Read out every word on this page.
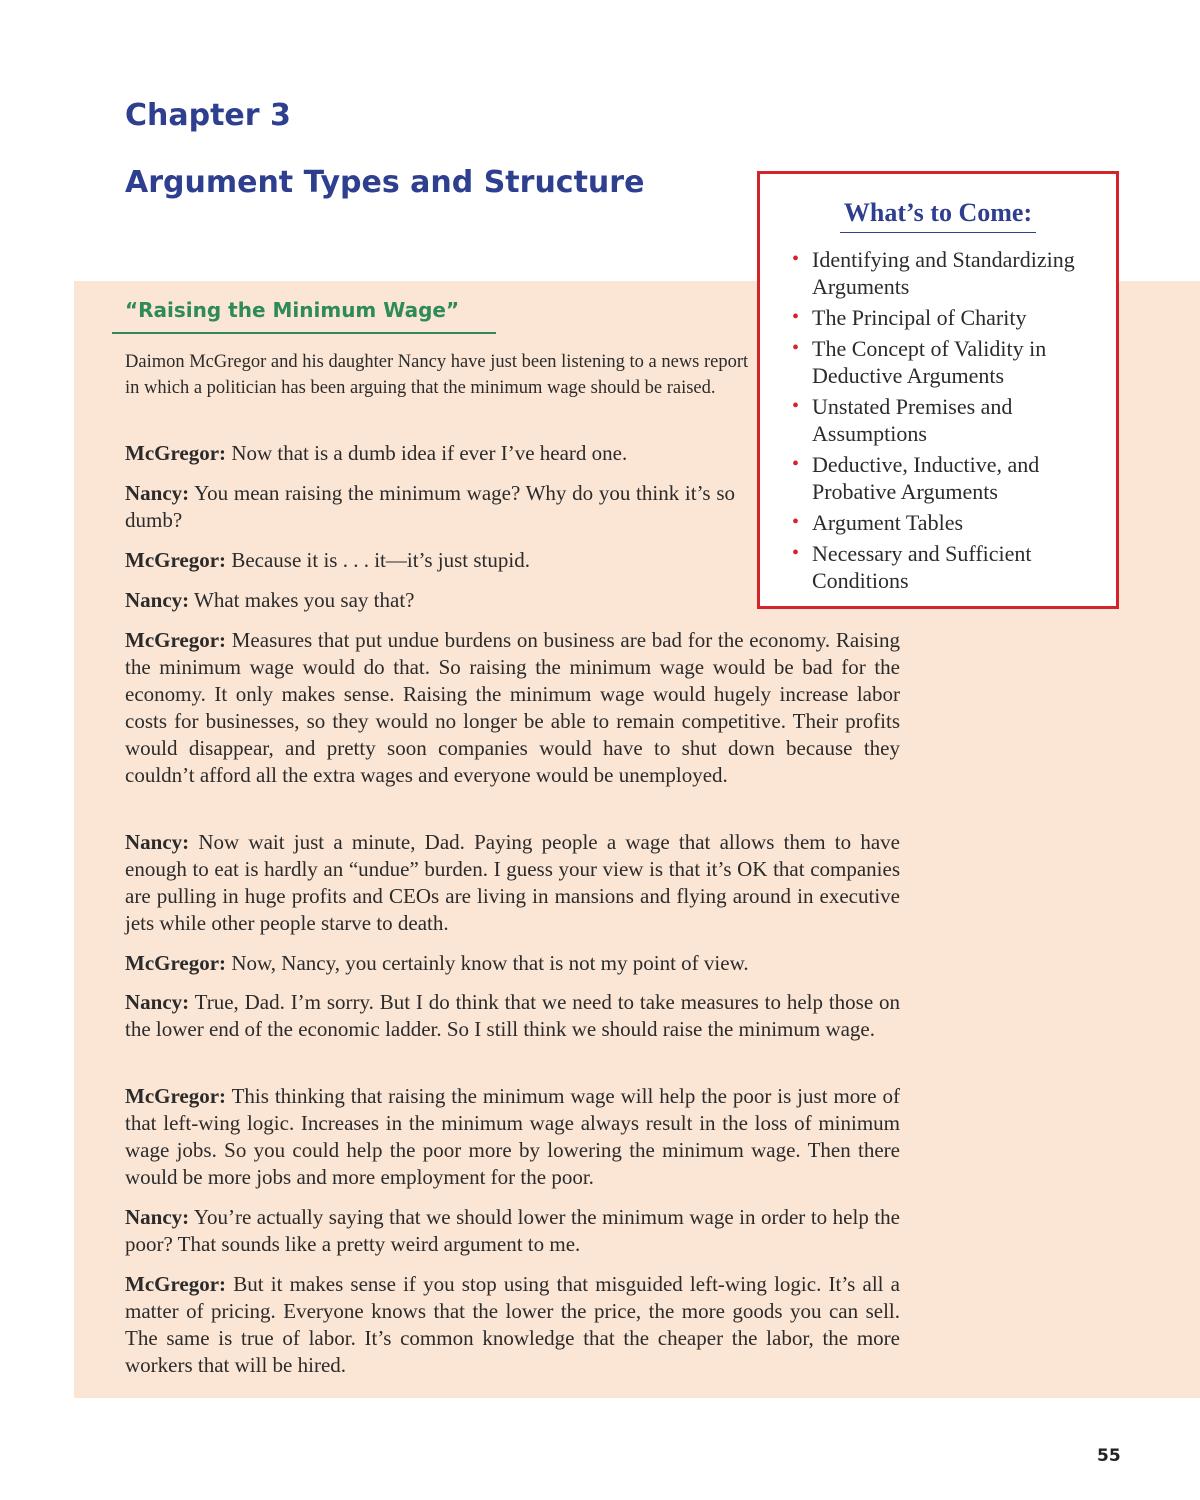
Chapter 3
Argument Types and Structure

What’s to Come:

• Identifying and Standardizing Arguments
• The Principal of Charity
• The Concept of Validity in Deductive Arguments
• Unstated Premises and Assumptions
• Deductive, Inductive, and Probative Arguments
• Argument Tables
• Necessary and Sufficient Conditions
“Raising the Minimum Wage”

Daimon McGregor and his daughter Nancy have just been listening to a news report in which a politician has been arguing that the minimum wage should be raised.

McGregor: Now that is a dumb idea if ever I’ve heard one.

Nancy: You mean raising the minimum wage? Why do you think it’s so dumb?

McGregor: Because it is . . . it—it’s just stupid.

Nancy: What makes you say that?

McGregor: Measures that put undue burdens on business are bad for the economy. Raising the minimum wage would do that. So raising the minimum wage would be bad for the economy. It only makes sense. Raising the minimum wage would hugely increase labor costs for businesses, so they would no longer be able to remain competitive. Their profits would disappear, and pretty soon companies would have to shut down because they couldn’t afford all the extra wages and everyone would be unemployed.

Nancy: Now wait just a minute, Dad. Paying people a wage that allows them to have enough to eat is hardly an “undue” burden. I guess your view is that it’s OK that companies are pulling in huge profits and CEOs are living in mansions and flying around in executive jets while other people starve to death.

McGregor: Now, Nancy, you certainly know that is not my point of view.

Nancy: True, Dad. I’m sorry. But I do think that we need to take measures to help those on the lower end of the economic ladder. So I still think we should raise the minimum wage.

McGregor: This thinking that raising the minimum wage will help the poor is just more of that left-wing logic. Increases in the minimum wage always result in the loss of minimum wage jobs. So you could help the poor more by lowering the minimum wage. Then there would be more jobs and more employment for the poor.

Nancy: You’re actually saying that we should lower the minimum wage in order to help the poor? That sounds like a pretty weird argument to me.

McGregor: But it makes sense if you stop using that misguided left-wing logic. It’s all a matter of pricing. Everyone knows that the lower the price, the more goods you can sell. The same is true of labor. It’s common knowledge that the cheaper the labor, the more workers that will be hired.

55
